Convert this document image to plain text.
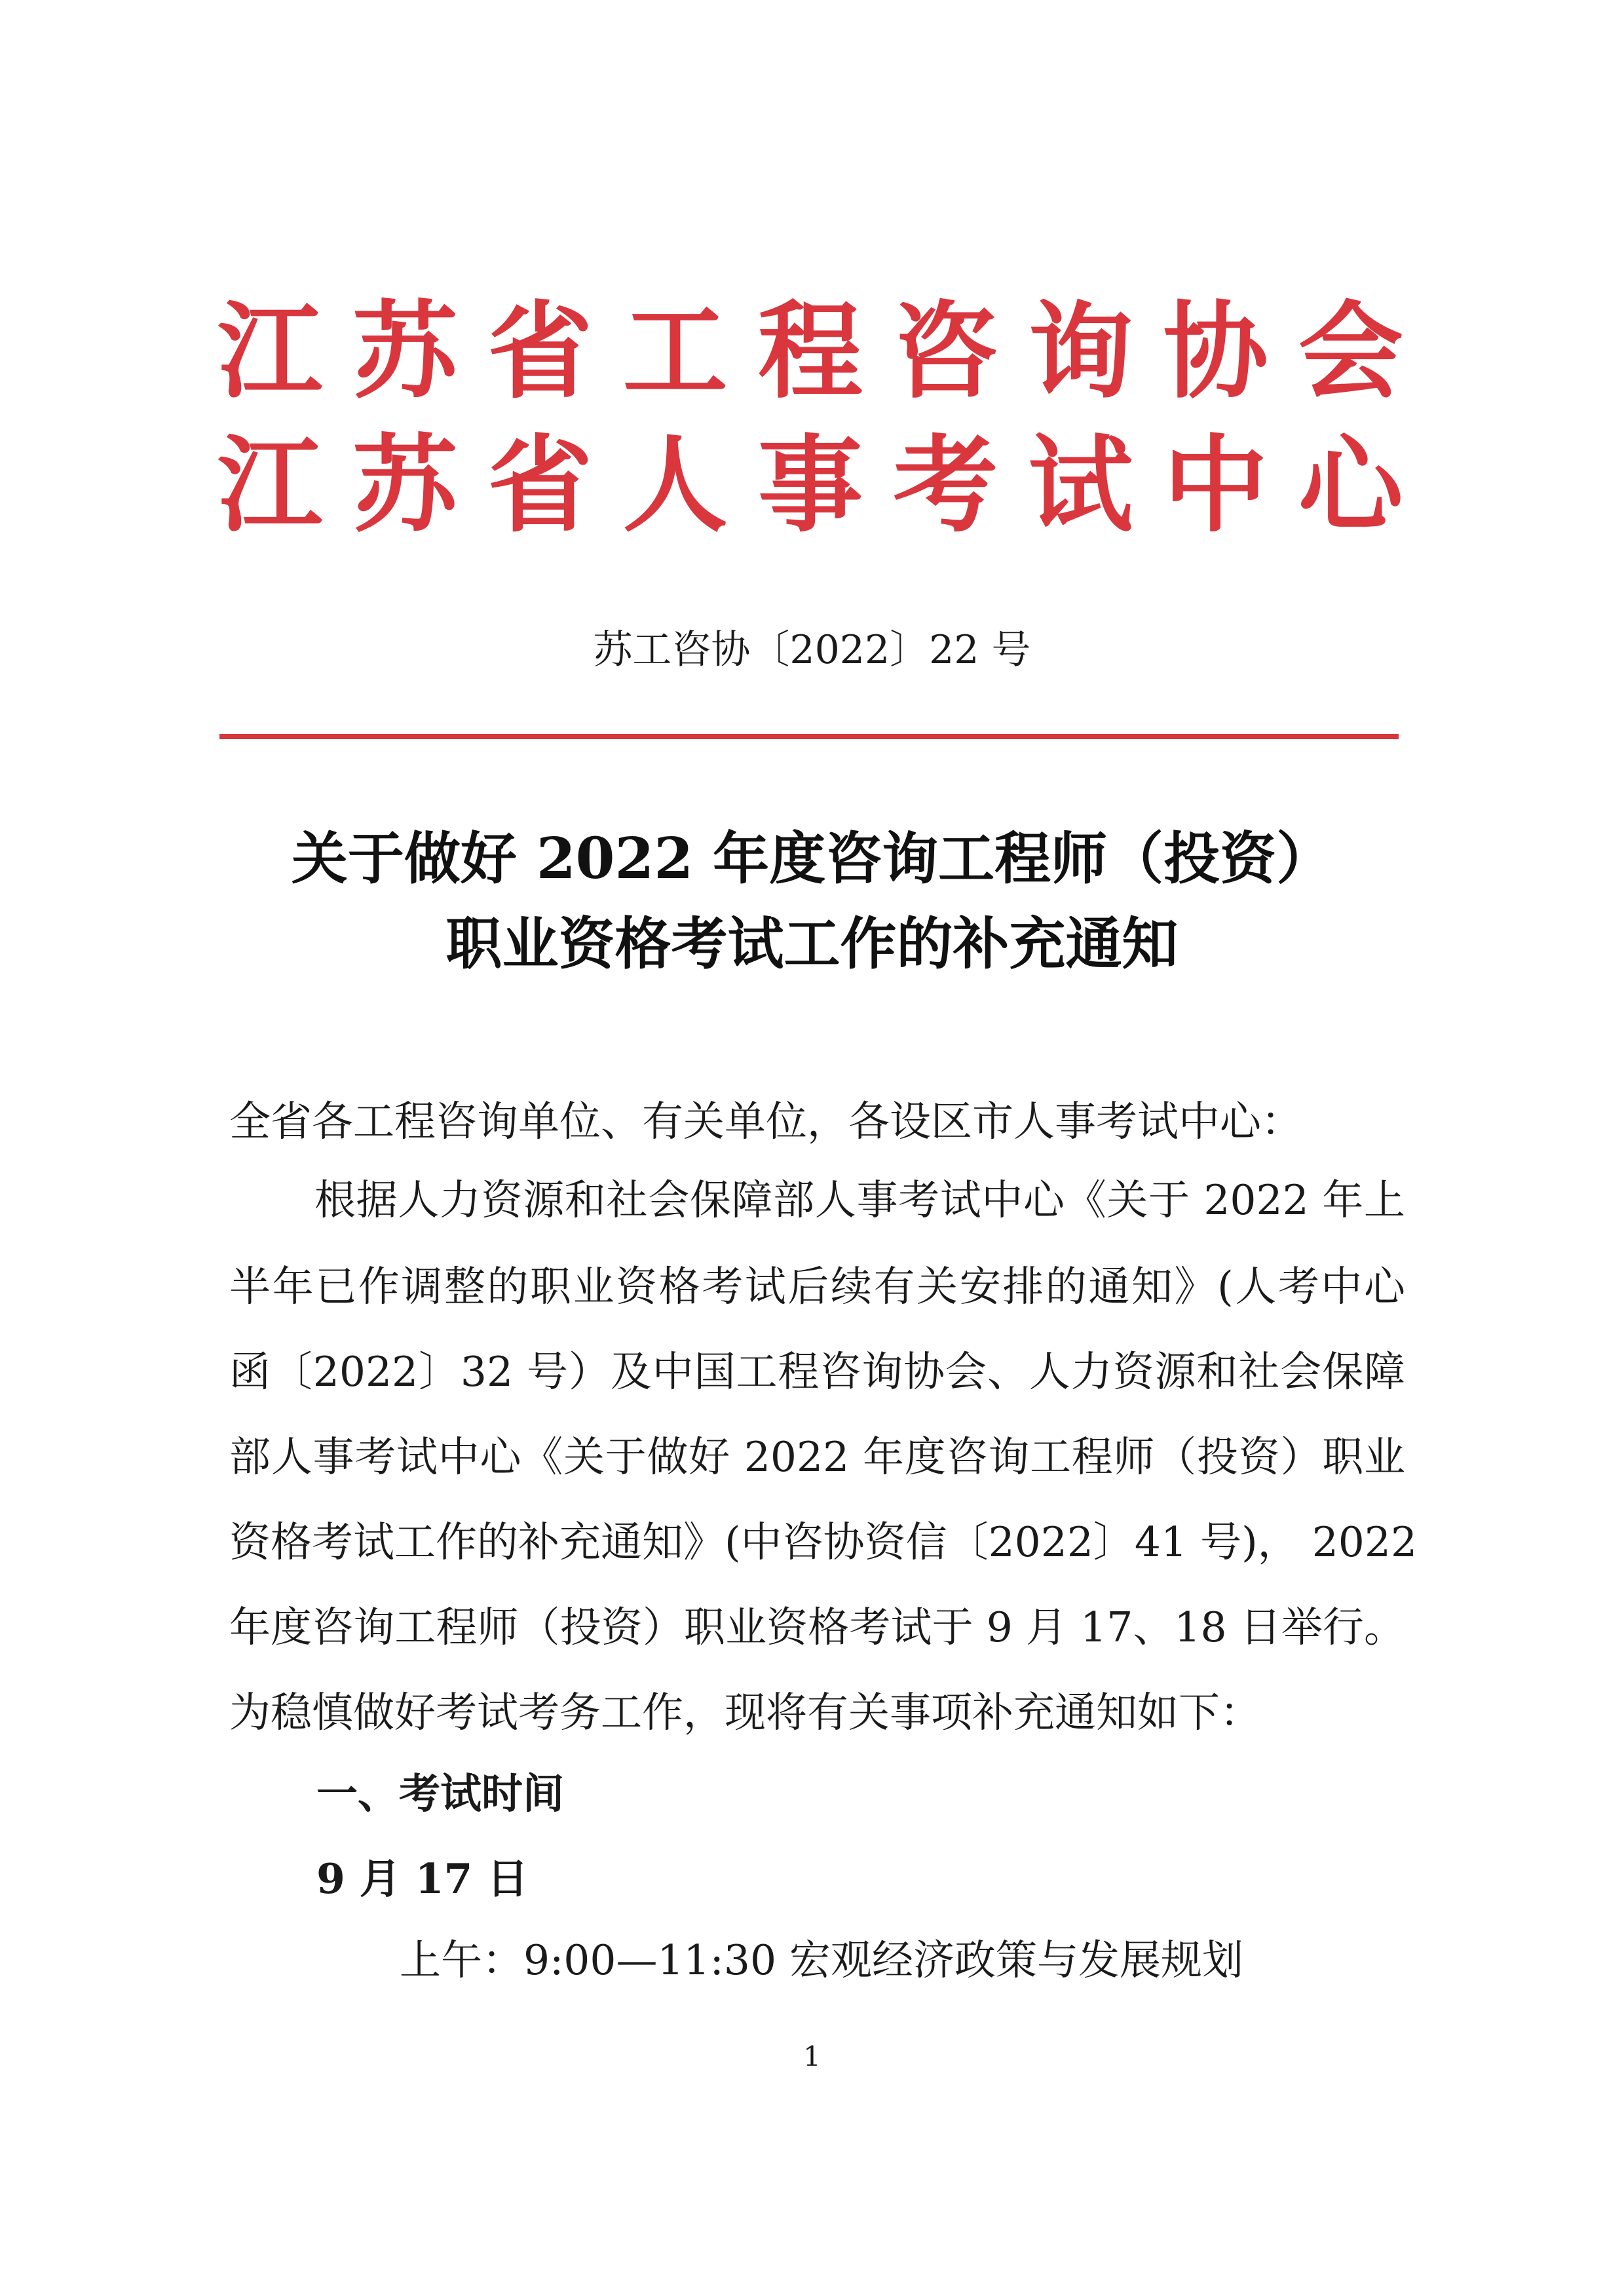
江 苏 省 工 程 咨 询 协 会
江 苏 省 人 事 考 试 中 心
苏工咨协〔2022〕22 号
关于做好 2022 年度咨询工程师（投资）
职业资格考试工作的补充通知
全省各工程咨询单位、有关单位，各设区市人事考试中心：
根据人力资源和社会保障部人事考试中心《关于 2022 年上
半年已作调整的职业资格考试后续有关安排的通知》(人考中心
函〔2022〕32 号）及中国工程咨询协会、人力资源和社会保障
部人事考试中心《关于做好 2022 年度咨询工程师（投资）职业
资格考试工作的补充通知》(中咨协资信〔2022〕41 号)， 2022
年度咨询工程师（投资）职业资格考试于 9 月 17、18 日举行。
为稳慎做好考试考务工作，现将有关事项补充通知如下：
一、考试时间
9 月 17 日
上午：9:00—11:30 宏观经济政策与发展规划
1
